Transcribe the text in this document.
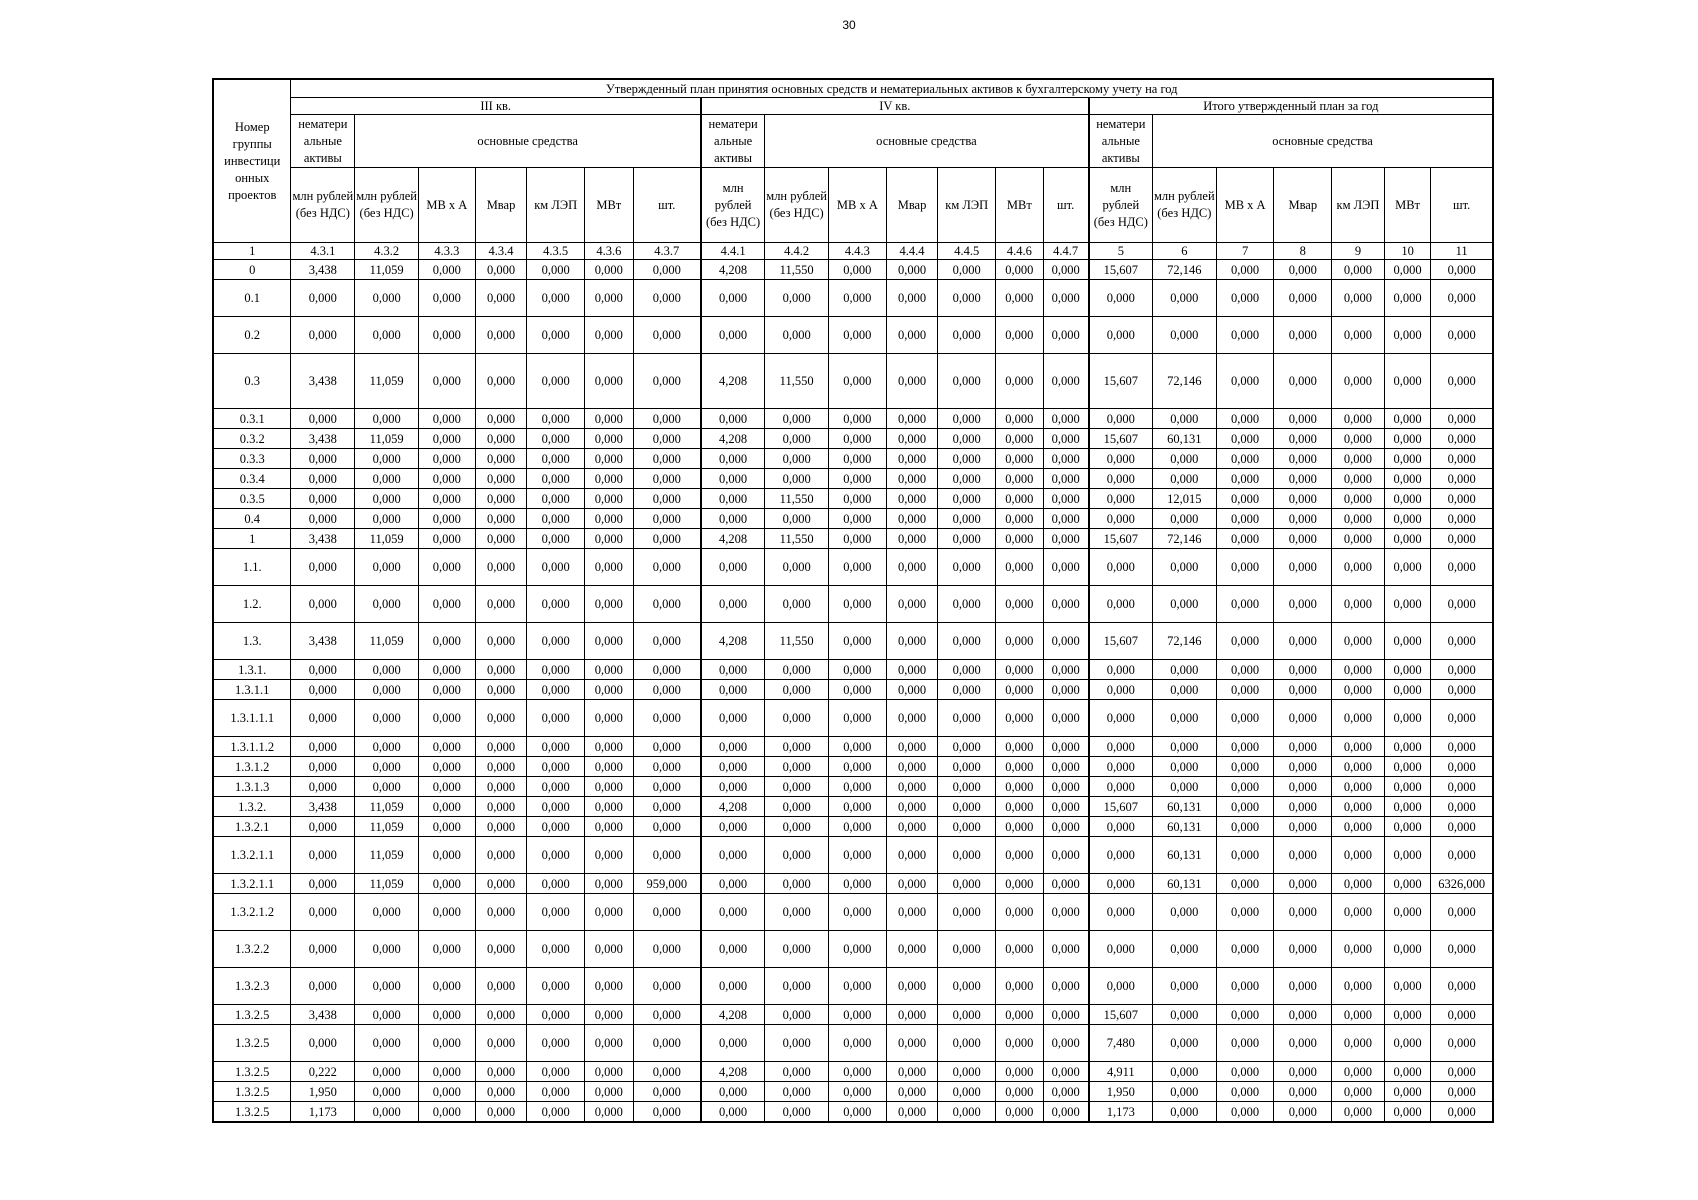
30
Номер группы инвестици онных проектов	Утвержденный план принятия основных средств и нематериальных активов к бухгалтерскому учету на год																				
	III кв.							IV кв.							Итого утвержденный план за год						
	нематери альные активы	основные средства						нематери альные активы	основные средства						нематери альные активы	основные средства					
	млн рублей (без НДС)	млн рублей (без НДС)	МВ х А	Мвар	км ЛЭП	МВт	шт.	млн рублей (без НДС)	млн рублей (без НДС)	МВ х А	Мвар	км ЛЭП	МВт	шт.	млн рублей (без НДС)	млн рублей (без НДС)	МВ х А	Мвар	км ЛЭП	МВт	шт.
1	4.3.1	4.3.2	4.3.3	4.3.4	4.3.5	4.3.6	4.3.7	4.4.1	4.4.2	4.4.3	4.4.4	4.4.5	4.4.6	4.4.7	5	6	7	8	9	10	11
0	3,438	11,059	0,000	0,000	0,000	0,000	0,000	4,208	11,550	0,000	0,000	0,000	0,000	0,000	15,607	72,146	0,000	0,000	0,000	0,000	0,000
0.1	0,000	0,000	0,000	0,000	0,000	0,000	0,000	0,000	0,000	0,000	0,000	0,000	0,000	0,000	0,000	0,000	0,000	0,000	0,000	0,000	0,000
0.2	0,000	0,000	0,000	0,000	0,000	0,000	0,000	0,000	0,000	0,000	0,000	0,000	0,000	0,000	0,000	0,000	0,000	0,000	0,000	0,000	0,000
0.3	3,438	11,059	0,000	0,000	0,000	0,000	0,000	4,208	11,550	0,000	0,000	0,000	0,000	0,000	15,607	72,146	0,000	0,000	0,000	0,000	0,000
0.3.1	0,000	0,000	0,000	0,000	0,000	0,000	0,000	0,000	0,000	0,000	0,000	0,000	0,000	0,000	0,000	0,000	0,000	0,000	0,000	0,000	0,000
0.3.2	3,438	11,059	0,000	0,000	0,000	0,000	0,000	4,208	0,000	0,000	0,000	0,000	0,000	0,000	15,607	60,131	0,000	0,000	0,000	0,000	0,000
0.3.3	0,000	0,000	0,000	0,000	0,000	0,000	0,000	0,000	0,000	0,000	0,000	0,000	0,000	0,000	0,000	0,000	0,000	0,000	0,000	0,000	0,000
0.3.4	0,000	0,000	0,000	0,000	0,000	0,000	0,000	0,000	0,000	0,000	0,000	0,000	0,000	0,000	0,000	0,000	0,000	0,000	0,000	0,000	0,000
0.3.5	0,000	0,000	0,000	0,000	0,000	0,000	0,000	0,000	11,550	0,000	0,000	0,000	0,000	0,000	0,000	12,015	0,000	0,000	0,000	0,000	0,000
0.4	0,000	0,000	0,000	0,000	0,000	0,000	0,000	0,000	0,000	0,000	0,000	0,000	0,000	0,000	0,000	0,000	0,000	0,000	0,000	0,000	0,000
1	3,438	11,059	0,000	0,000	0,000	0,000	0,000	4,208	11,550	0,000	0,000	0,000	0,000	0,000	15,607	72,146	0,000	0,000	0,000	0,000	0,000
1.1.	0,000	0,000	0,000	0,000	0,000	0,000	0,000	0,000	0,000	0,000	0,000	0,000	0,000	0,000	0,000	0,000	0,000	0,000	0,000	0,000	0,000
1.2.	0,000	0,000	0,000	0,000	0,000	0,000	0,000	0,000	0,000	0,000	0,000	0,000	0,000	0,000	0,000	0,000	0,000	0,000	0,000	0,000	0,000
1.3.	3,438	11,059	0,000	0,000	0,000	0,000	0,000	4,208	11,550	0,000	0,000	0,000	0,000	0,000	15,607	72,146	0,000	0,000	0,000	0,000	0,000
1.3.1.	0,000	0,000	0,000	0,000	0,000	0,000	0,000	0,000	0,000	0,000	0,000	0,000	0,000	0,000	0,000	0,000	0,000	0,000	0,000	0,000	0,000
1.3.1.1	0,000	0,000	0,000	0,000	0,000	0,000	0,000	0,000	0,000	0,000	0,000	0,000	0,000	0,000	0,000	0,000	0,000	0,000	0,000	0,000	0,000
1.3.1.1.1	0,000	0,000	0,000	0,000	0,000	0,000	0,000	0,000	0,000	0,000	0,000	0,000	0,000	0,000	0,000	0,000	0,000	0,000	0,000	0,000	0,000
1.3.1.1.2	0,000	0,000	0,000	0,000	0,000	0,000	0,000	0,000	0,000	0,000	0,000	0,000	0,000	0,000	0,000	0,000	0,000	0,000	0,000	0,000	0,000
1.3.1.2	0,000	0,000	0,000	0,000	0,000	0,000	0,000	0,000	0,000	0,000	0,000	0,000	0,000	0,000	0,000	0,000	0,000	0,000	0,000	0,000	0,000
1.3.1.3	0,000	0,000	0,000	0,000	0,000	0,000	0,000	0,000	0,000	0,000	0,000	0,000	0,000	0,000	0,000	0,000	0,000	0,000	0,000	0,000	0,000
1.3.2.	3,438	11,059	0,000	0,000	0,000	0,000	0,000	4,208	0,000	0,000	0,000	0,000	0,000	0,000	15,607	60,131	0,000	0,000	0,000	0,000	0,000
1.3.2.1	0,000	11,059	0,000	0,000	0,000	0,000	0,000	0,000	0,000	0,000	0,000	0,000	0,000	0,000	0,000	60,131	0,000	0,000	0,000	0,000	0,000
1.3.2.1.1	0,000	11,059	0,000	0,000	0,000	0,000	0,000	0,000	0,000	0,000	0,000	0,000	0,000	0,000	0,000	60,131	0,000	0,000	0,000	0,000	0,000
1.3.2.1.1	0,000	11,059	0,000	0,000	0,000	0,000	959,000	0,000	0,000	0,000	0,000	0,000	0,000	0,000	0,000	60,131	0,000	0,000	0,000	0,000	6326,000
1.3.2.1.2	0,000	0,000	0,000	0,000	0,000	0,000	0,000	0,000	0,000	0,000	0,000	0,000	0,000	0,000	0,000	0,000	0,000	0,000	0,000	0,000	0,000
1.3.2.2	0,000	0,000	0,000	0,000	0,000	0,000	0,000	0,000	0,000	0,000	0,000	0,000	0,000	0,000	0,000	0,000	0,000	0,000	0,000	0,000	0,000
1.3.2.3	0,000	0,000	0,000	0,000	0,000	0,000	0,000	0,000	0,000	0,000	0,000	0,000	0,000	0,000	0,000	0,000	0,000	0,000	0,000	0,000	0,000
1.3.2.5	3,438	0,000	0,000	0,000	0,000	0,000	0,000	4,208	0,000	0,000	0,000	0,000	0,000	0,000	15,607	0,000	0,000	0,000	0,000	0,000	0,000
1.3.2.5	0,000	0,000	0,000	0,000	0,000	0,000	0,000	0,000	0,000	0,000	0,000	0,000	0,000	0,000	7,480	0,000	0,000	0,000	0,000	0,000	0,000
1.3.2.5	0,222	0,000	0,000	0,000	0,000	0,000	0,000	4,208	0,000	0,000	0,000	0,000	0,000	0,000	4,911	0,000	0,000	0,000	0,000	0,000	0,000
1.3.2.5	1,950	0,000	0,000	0,000	0,000	0,000	0,000	0,000	0,000	0,000	0,000	0,000	0,000	0,000	1,950	0,000	0,000	0,000	0,000	0,000	0,000
1.3.2.5	1,173	0,000	0,000	0,000	0,000	0,000	0,000	0,000	0,000	0,000	0,000	0,000	0,000	0,000	1,173	0,000	0,000	0,000	0,000	0,000	0,000
